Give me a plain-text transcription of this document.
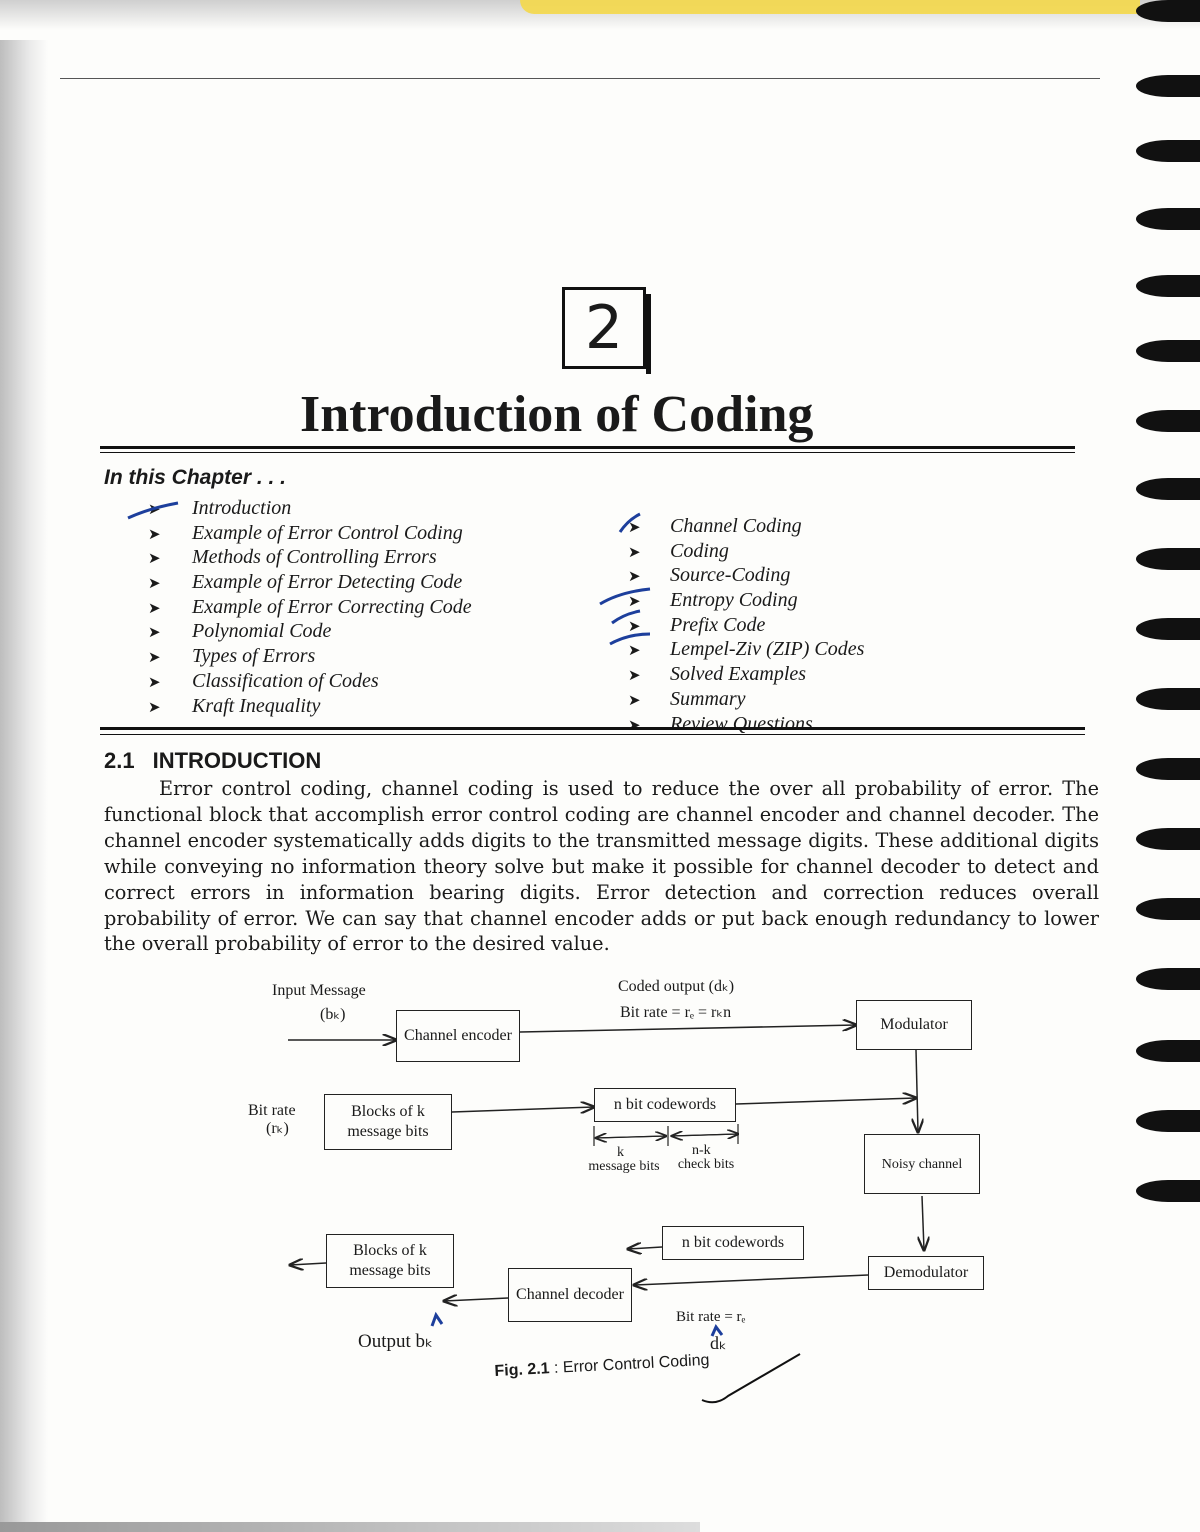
2
Introduction of Coding
In this Chapter . . .
➤ Introduction
➤ Example of Error Control Coding
➤ Methods of Controlling Errors
➤ Example of Error Detecting Code
➤ Example of Error Correcting Code
➤ Polynomial Code
➤ Types of Errors
➤ Classification of Codes
➤ Kraft Inequality
➤ Channel Coding
➤ Coding
➤ Source-Coding
➤ Entropy Coding
➤ Prefix Code
➤ Lempel-Ziv (ZIP) Codes
➤ Solved Examples
➤ Summary
➤ Review Questions
2.1 INTRODUCTION

Error control coding, channel coding is used to reduce the over all probability of error. The functional block that accomplish error control coding are channel encoder and channel decoder. The channel encoder systematically adds digits to the transmitted message digits. These additional digits while conveying no information theory solve but make it possible for channel decoder to detect and correct errors in information bearing digits. Error detection and correction reduces overall probability of error. We can say that channel encoder adds or put back enough redundancy to lower the overall probability of error to the desired value.

Input Message
(bₖ)
Coded output (dₖ)
Bit rate = rₑ = rₖn
Channel encoder
Modulator
Bit rate
(rₖ)
Blocks of k message bits
n bit codewords
k
message bits
n-k
check bits	Noisy channel
Blocks of k message bits
n bit codewords
Demodulator
Channel decoder
Bit rate = rₑ
dₖ
Output bₖ
Fig. 2.1 : Error Control Coding
